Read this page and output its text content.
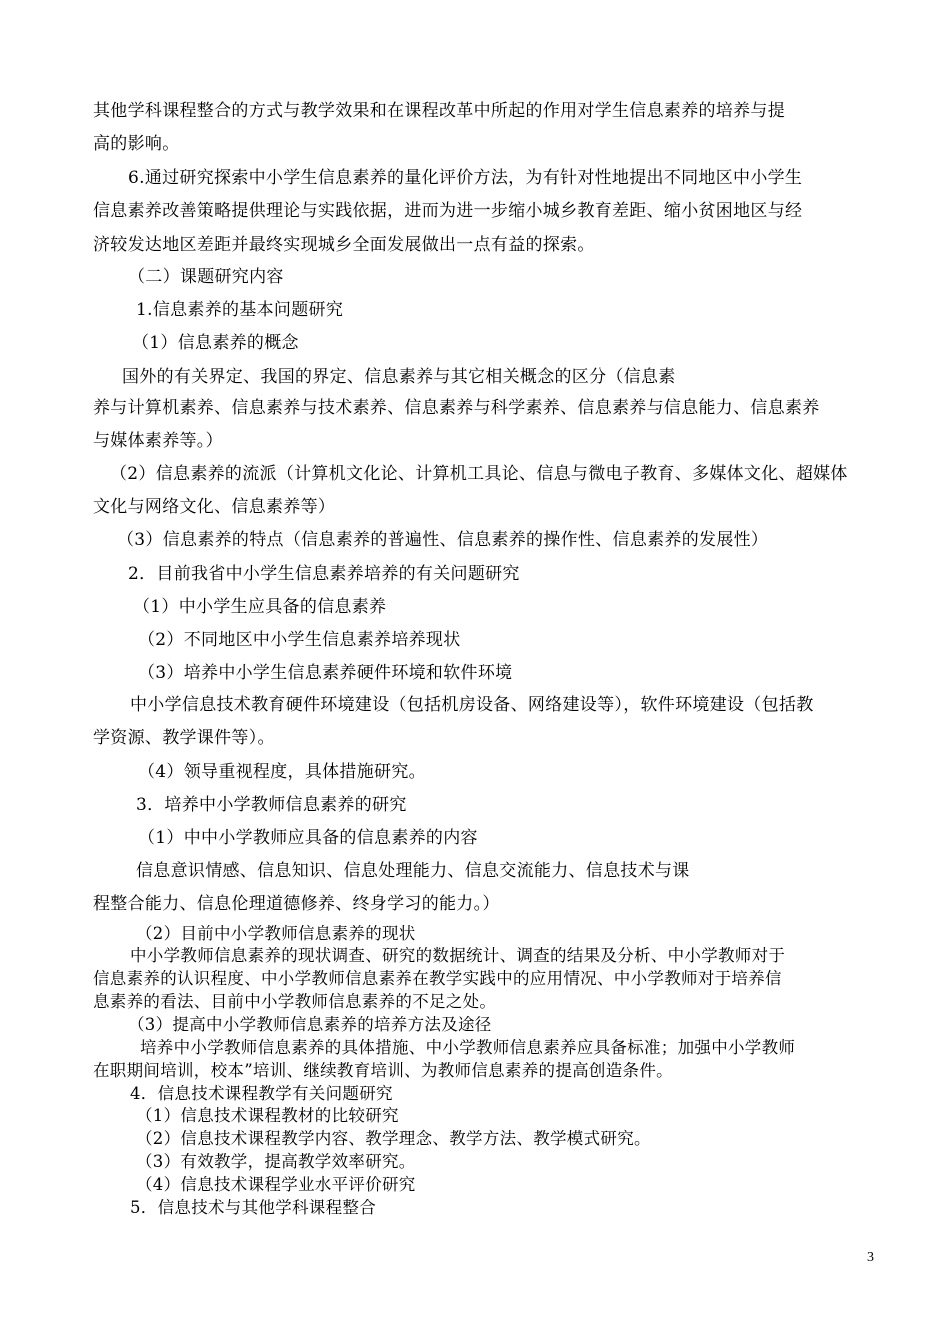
其他学科课程整合的方式与教学效果和在课程改革中所起的作用对学生信息素养的培养与提
高的影响。
6.通过研究探索中小学生信息素养的量化评价方法，为有针对性地提出不同地区中小学生
信息素养改善策略提供理论与实践依据，进而为进一步缩小城乡教育差距、缩小贫困地区与经
济较发达地区差距并最终实现城乡全面发展做出一点有益的探索。
（二）课题研究内容
1.信息素养的基本问题研究
（1）信息素养的概念
国外的有关界定、我国的界定、信息素养与其它相关概念的区分（信息素
养与计算机素养、信息素养与技术素养、信息素养与科学素养、信息素养与信息能力、信息素养
与媒体素养等。）
（2）信息素养的流派（计算机文化论、计算机工具论、信息与微电子教育、多媒体文化、超媒体
文化与网络文化、信息素养等）
（3）信息素养的特点（信息素养的普遍性、信息素养的操作性、信息素养的发展性）
2．目前我省中小学生信息素养培养的有关问题研究
（1）中小学生应具备的信息素养
（2）不同地区中小学生信息素养培养现状
（3）培养中小学生信息素养硬件环境和软件环境
中小学信息技术教育硬件环境建设（包括机房设备、网络建设等），软件环境建设（包括教
学资源、教学课件等）。
（4）领导重视程度，具体措施研究。
3．培养中小学教师信息素养的研究
（1）中中小学教师应具备的信息素养的内容
信息意识情感、信息知识、信息处理能力、信息交流能力、信息技术与课
程整合能力、信息伦理道德修养、终身学习的能力。）
（2）目前中小学教师信息素养的现状
中小学教师信息素养的现状调查、研究的数据统计、调查的结果及分析、中小学教师对于
信息素养的认识程度、中小学教师信息素养在教学实践中的应用情况、中小学教师对于培养信
息素养的看法、目前中小学教师信息素养的不足之处。
（3）提高中小学教师信息素养的培养方法及途径
培养中小学教师信息素养的具体措施、中小学教师信息素养应具备标准；加强中小学教师
在职期间培训，校本”培训、继续教育培训、为教师信息素养的提高创造条件。
4．信息技术课程教学有关问题研究
（1）信息技术课程教材的比较研究
（2）信息技术课程教学内容、教学理念、教学方法、教学模式研究。
（3）有效教学，提高教学效率研究。
（4）信息技术课程学业水平评价研究
5．信息技术与其他学科课程整合
3
